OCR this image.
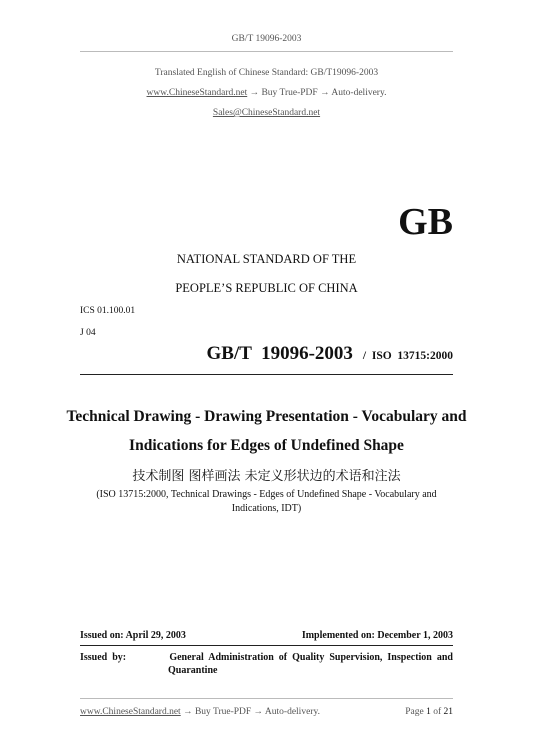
GB/T 19096-2003
Translated English of Chinese Standard: GB/T19096-2003
www.ChineseStandard.net → Buy True-PDF → Auto-delivery.
Sales@ChineseStandard.net
GB
NATIONAL STANDARD OF THE
PEOPLE’S REPUBLIC OF CHINA
ICS 01.100.01
J 04
GB/T  19096-2003 /  ISO  13715:2000
Technical Drawing - Drawing Presentation - Vocabulary and
Indications for Edges of Undefined Shape
技术制图 图样画法 未定义形状边的术语和注法
(ISO 13715:2000, Technical Drawings - Edges of Undefined Shape - Vocabulary and
Indications, IDT)
Issued on: April 29, 2003	Implemented on: December 1, 2003
Issued  by:	General  Administration  of  Quality  Supervision,  Inspection  and
Quarantine
www.ChineseStandard.net → Buy True-PDF → Auto-delivery.	Page 1 of 21
